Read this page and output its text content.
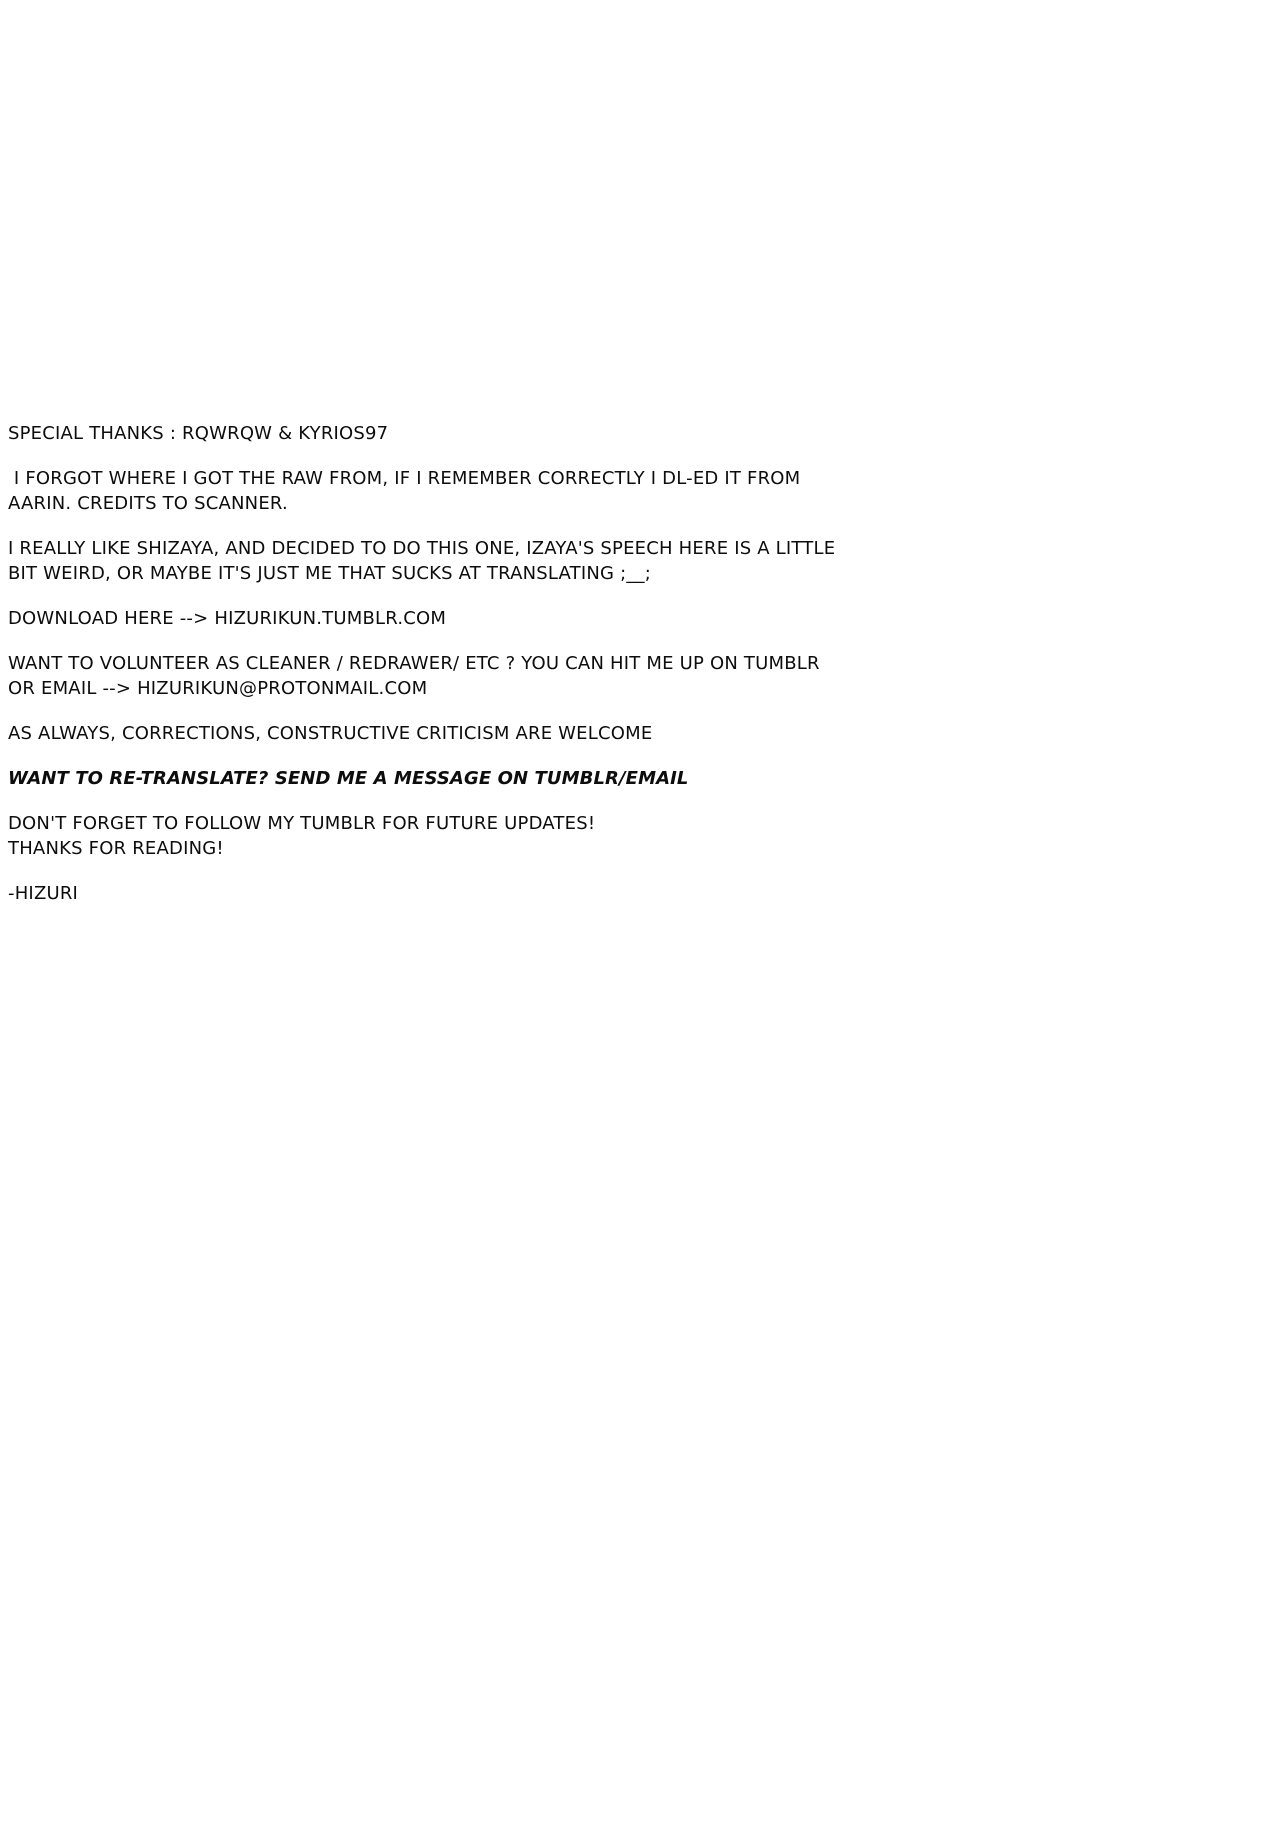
SPECIAL THANKS : RQWRQW & KYRIOS97
I FORGOT WHERE I GOT THE RAW FROM, IF I REMEMBER CORRECTLY I DL-ED IT FROM
AARIN. CREDITS TO SCANNER.
I REALLY LIKE SHIZAYA, AND DECIDED TO DO THIS ONE, IZAYA'S SPEECH HERE IS A LITTLE
BIT WEIRD, OR MAYBE IT'S JUST ME THAT SUCKS AT TRANSLATING ;__;
DOWNLOAD HERE --> HIZURIKUN.TUMBLR.COM
WANT TO VOLUNTEER AS CLEANER / REDRAWER/ ETC ? YOU CAN HIT ME UP ON TUMBLR
OR EMAIL --> HIZURIKUN@PROTONMAIL.COM
AS ALWAYS, CORRECTIONS, CONSTRUCTIVE CRITICISM ARE WELCOME
WANT TO RE-TRANSLATE? SEND ME A MESSAGE ON TUMBLR/EMAIL
DON'T FORGET TO FOLLOW MY TUMBLR FOR FUTURE UPDATES!
THANKS FOR READING!
-HIZURI
